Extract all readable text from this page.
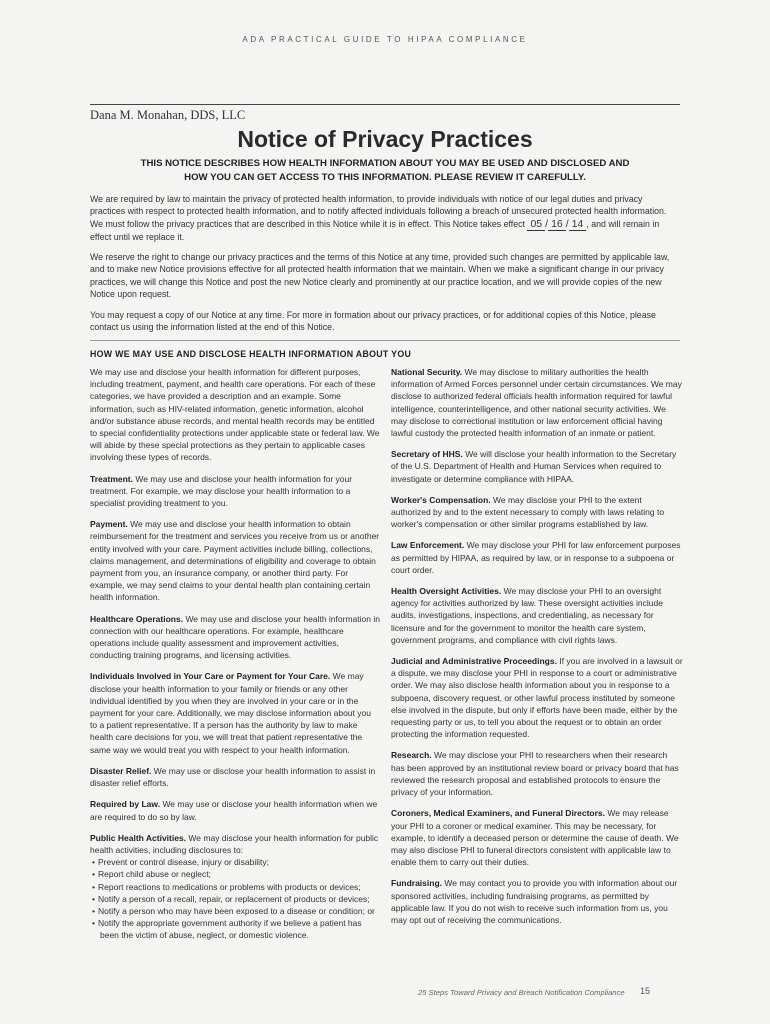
ADA PRACTICAL GUIDE TO HIPAA COMPLIANCE
Dana M. Monahan, DDS, LLC
Notice of Privacy Practices
THIS NOTICE DESCRIBES HOW HEALTH INFORMATION ABOUT YOU MAY BE USED AND DISCLOSED AND
HOW YOU CAN GET ACCESS TO THIS INFORMATION. PLEASE REVIEW IT CAREFULLY.

We are required by law to maintain the privacy of protected health information, to provide individuals with notice of our legal duties and privacy practices with respect to protected health information, and to notify affected individuals following a breach of unsecured protected health information. We must follow the privacy practices that are described in this Notice while it is in effect. This Notice takes effect 05 / 16 / 14 , and will remain in effect until we replace it.

We reserve the right to change our privacy practices and the terms of this Notice at any time, provided such changes are permitted by applicable law, and to make new Notice provisions effective for all protected health information that we maintain. When we make a significant change in our privacy practices, we will change this Notice and post the new Notice clearly and prominently at our practice location, and we will provide copies of the new Notice upon request.

You may request a copy of our Notice at any time. For more in formation about our privacy practices, or for additional copies of this Notice, please contact us using the information listed at the end of this Notice.

HOW WE MAY USE AND DISCLOSE HEALTH INFORMATION ABOUT YOU

We may use and disclose your health information for different purposes, including treatment, payment, and health care operations. For each of these categories, we have provided a description and an example. Some information, such as HIV-related information, genetic information, alcohol and/or substance abuse records, and mental health records may be entitled to special confidentiality protections under applicable state or federal law. We will abide by these special protections as they pertain to applicable cases involving these types of records.

Treatment. We may use and disclose your health information for your treatment. For example, we may disclose your health information to a specialist providing treatment to you.

Payment. We may use and disclose your health information to obtain reimbursement for the treatment and services you receive from us or another entity involved with your care. Payment activities include billing, collections, claims management, and determinations of eligibility and coverage to obtain payment from you, an insurance company, or another third party. For example, we may send claims to your dental health plan containing certain health information.

Healthcare Operations. We may use and disclose your health information in connection with our healthcare operations. For example, healthcare operations include quality assessment and improvement activities, conducting training programs, and licensing activities.

Individuals Involved in Your Care or Payment for Your Care. We may disclose your health information to your family or friends or any other individual identified by you when they are involved in your care or in the payment for your care. Additionally, we may disclose information about you to a patient representative. If a person has the authority by law to make health care decisions for you, we will treat that patient representative the same way we would treat you with respect to your health information.

Disaster Relief. We may use or disclose your health information to assist in disaster relief efforts.

Required by Law. We may use or disclose your health information when we are required to do so by law.

Public Health Activities. We may disclose your health information for public health activities, including disclosures to:
• Prevent or control disease, injury or disability;
• Report child abuse or neglect;
• Report reactions to medications or problems with products or devices;
• Notify a person of a recall, repair, or replacement of products or devices;
• Notify a person who may have been exposed to a disease or condition; or
• Notify the appropriate government authority if we believe a patient has been the victim of abuse, neglect, or domestic violence.

National Security. We may disclose to military authorities the health information of Armed Forces personnel under certain circumstances. We may disclose to authorized federal officials health information required for lawful intelligence, counterintelligence, and other national security activities. We may disclose to correctional institution or law enforcement official having lawful custody the protected health information of an inmate or patient.

Secretary of HHS. We will disclose your health information to the Secretary of the U.S. Department of Health and Human Services when required to investigate or determine compliance with HIPAA.

Worker's Compensation. We may disclose your PHI to the extent authorized by and to the extent necessary to comply with laws relating to worker's compensation or other similar programs established by law.

Law Enforcement. We may disclose your PHI for law enforcement purposes as permitted by HIPAA, as required by law, or in response to a subpoena or court order.

Health Oversight Activities. We may disclose your PHI to an oversight agency for activities authorized by law. These oversight activities include audits, investigations, inspections, and credentialing, as necessary for licensure and for the government to monitor the health care system, government programs, and compliance with civil rights laws.

Judicial and Administrative Proceedings. If you are involved in a lawsuit or a dispute, we may disclose your PHI in response to a court or administrative order. We may also disclose health information about you in response to a subpoena, discovery request, or other lawful process instituted by someone else involved in the dispute, but only if efforts have been made, either by the requesting party or us, to tell you about the request or to obtain an order protecting the information requested.

Research. We may disclose your PHI to researchers when their research has been approved by an institutional review board or privacy board that has reviewed the research proposal and established protocols to ensure the privacy of your information.

Coroners, Medical Examiners, and Funeral Directors. We may release your PHI to a coroner or medical examiner. This may be necessary, for example, to identify a deceased person or determine the cause of death. We may also disclose PHI to funeral directors consistent with applicable law to enable them to carry out their duties.

Fundraising. We may contact you to provide you with information about our sponsored activities, including fundraising programs, as permitted by applicable law. If you do not wish to receive such information from us, you may opt out of receiving the communications.

25 Steps Toward Privacy and Breach Notification Compliance 15
